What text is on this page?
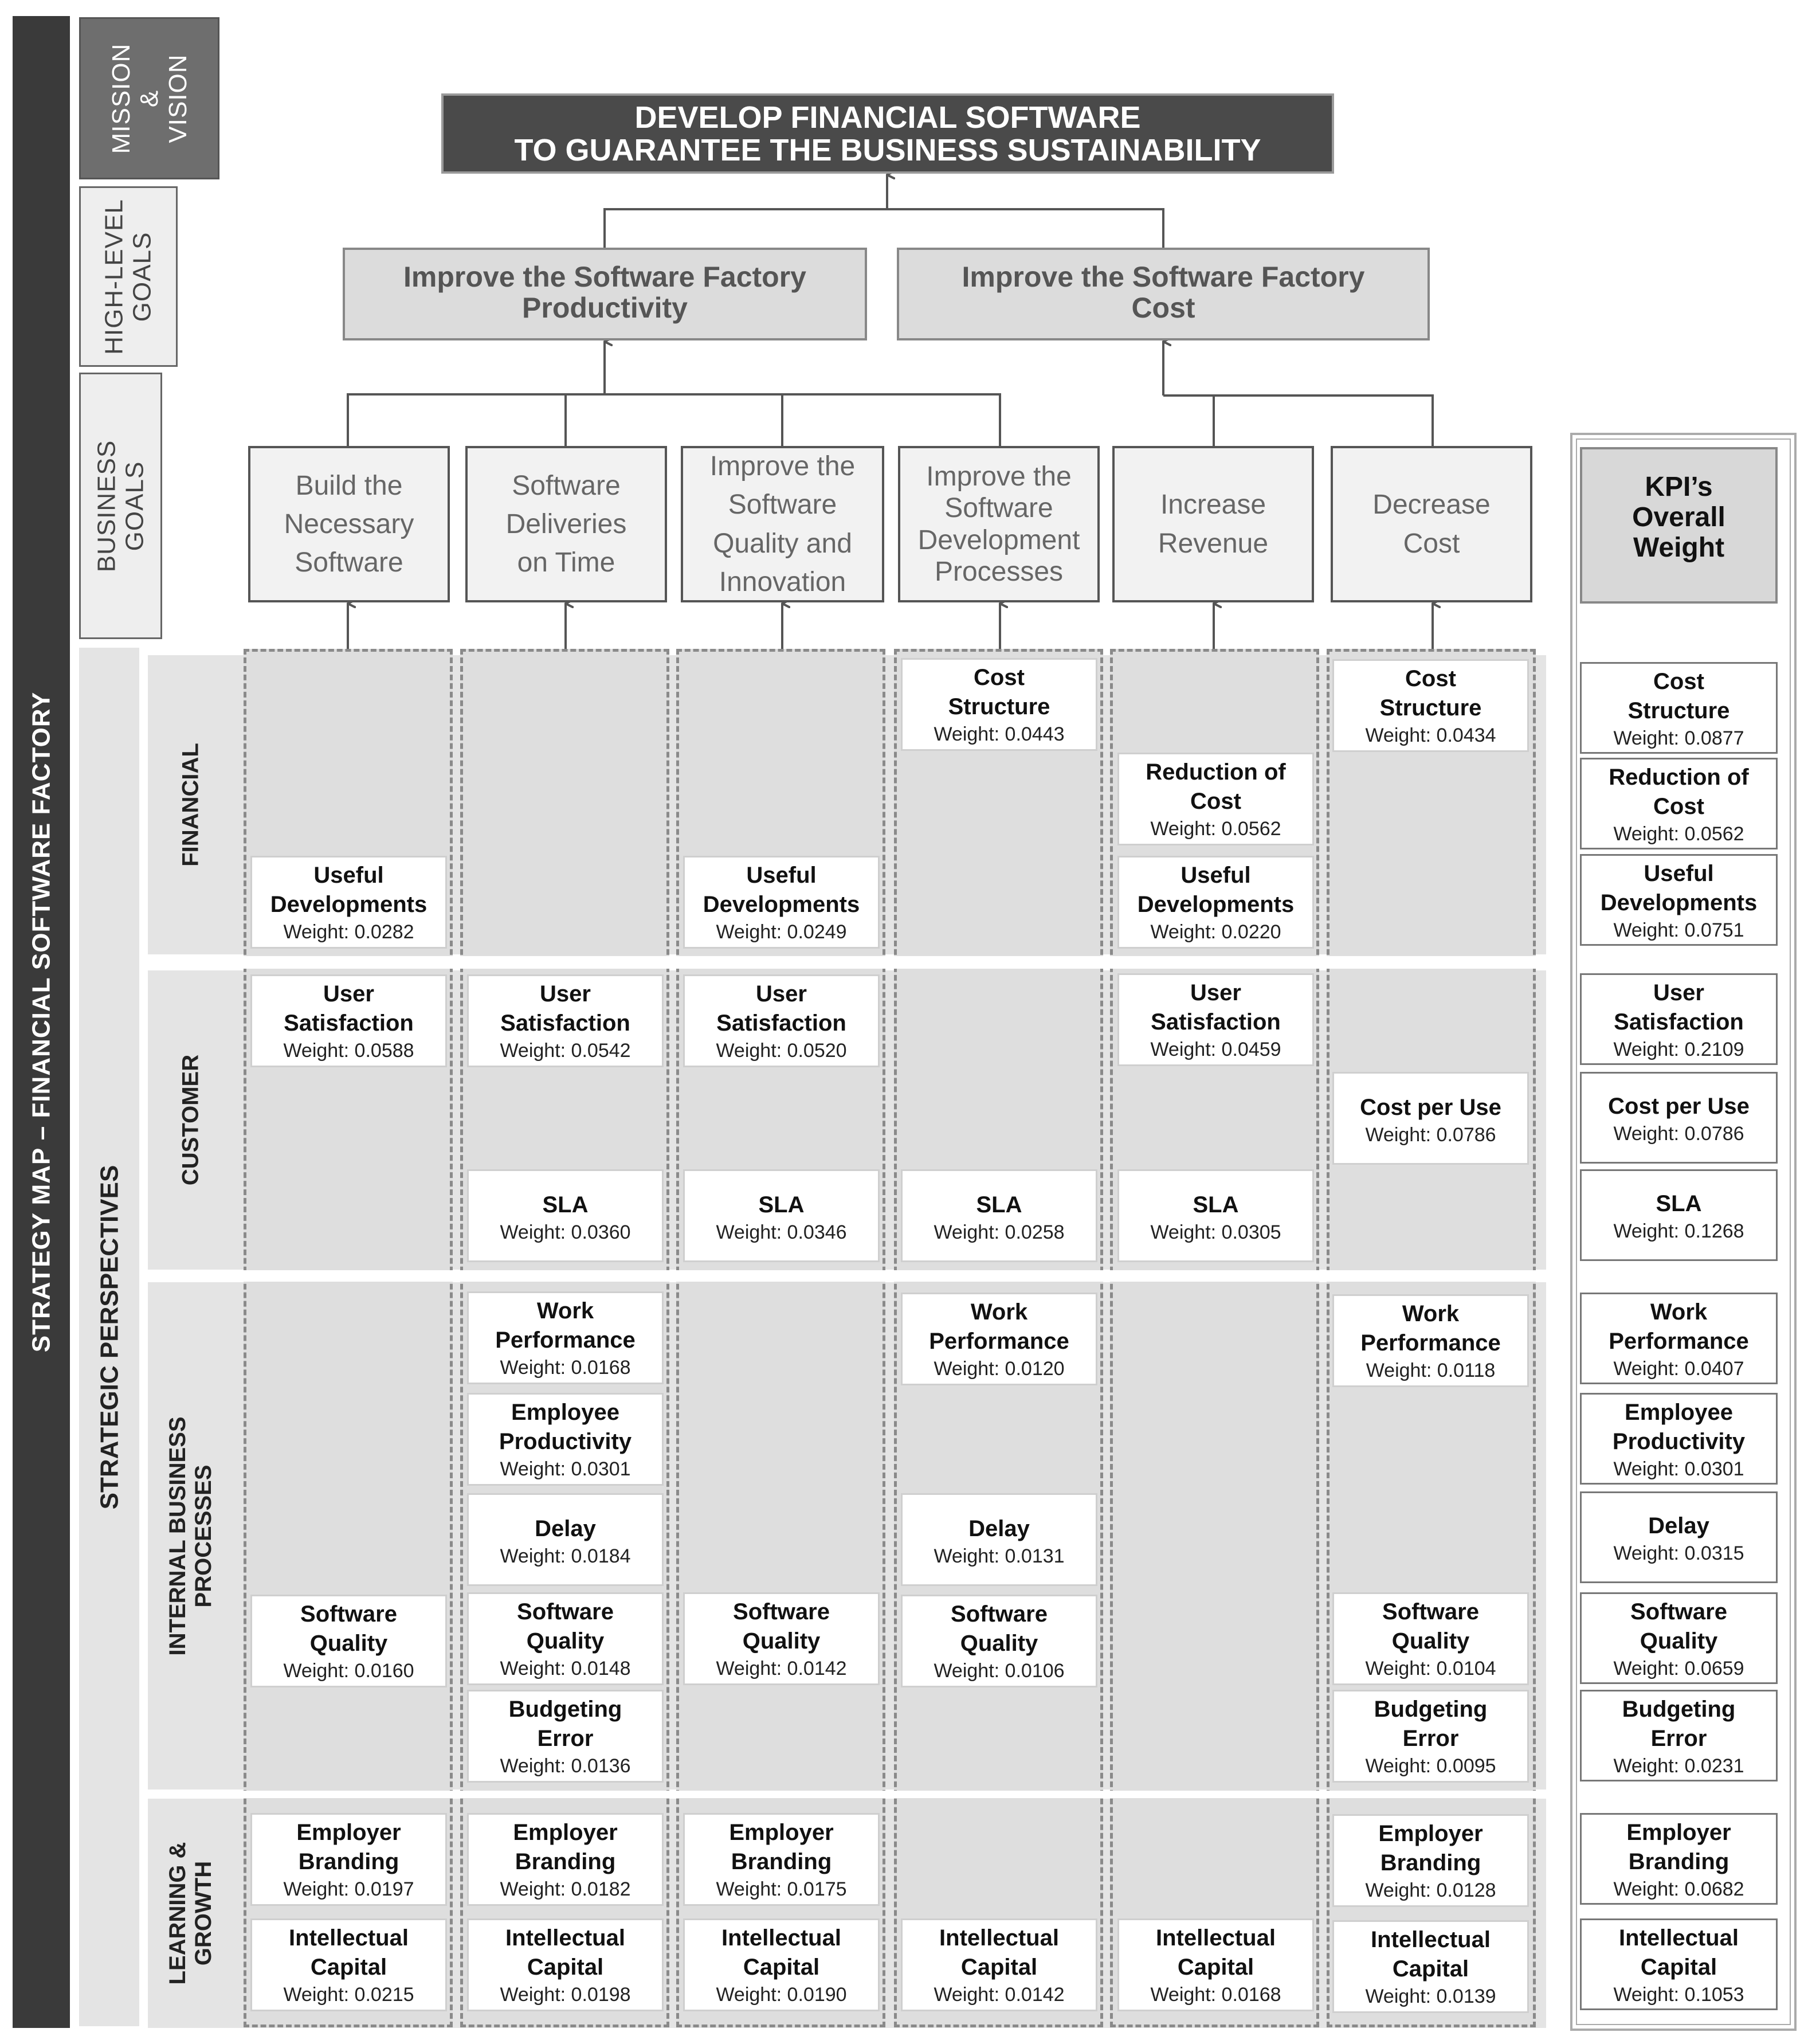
STRATEGY MAP – FINANCIAL SOFTWARE FACTORY
MISSION
&
VISION
HIGH-LEVEL
GOALS
BUSINESS
GOALS
STRATEGIC PERSPECTIVES
FINANCIAL
CUSTOMER
INTERNAL BUSINESS
PROCESSES
LEARNING &
GROWTH
DEVELOP FINANCIAL SOFTWARE
TO GUARANTEE THE BUSINESS SUSTAINABILITY
Improve the Software Factory
Productivity
Improve the Software Factory
Cost
Build the
Necessary
Software
Software
Deliveries
on Time
Improve the
Software
Quality and
Innovation
Improve the
Software
Development
Processes
Increase
Revenue
Decrease
Cost
Useful
Developments
Weight: 0.0282
User
Satisfaction
Weight: 0.0588
Software
Quality
Weight: 0.0160
Employer
Branding
Weight: 0.0197
Intellectual
Capital
Weight: 0.0215
User
Satisfaction
Weight: 0.0542
SLA
Weight: 0.0360
Work
Performance
Weight: 0.0168
Employee
Productivity
Weight: 0.0301
Delay
Weight: 0.0184
Software
Quality
Weight: 0.0148
Budgeting
Error
Weight: 0.0136
Employer
Branding
Weight: 0.0182
Intellectual
Capital
Weight: 0.0198
Useful
Developments
Weight: 0.0249
User
Satisfaction
Weight: 0.0520
SLA
Weight: 0.0346
Software
Quality
Weight: 0.0142
Employer
Branding
Weight: 0.0175
Intellectual
Capital
Weight: 0.0190
Cost
Structure
Weight: 0.0443
SLA
Weight: 0.0258
Work
Performance
Weight: 0.0120
Delay
Weight: 0.0131
Software
Quality
Weight: 0.0106
Intellectual
Capital
Weight: 0.0142
Reduction of
Cost
Weight: 0.0562
Useful
Developments
Weight: 0.0220
User
Satisfaction
Weight: 0.0459
SLA
Weight: 0.0305
Intellectual
Capital
Weight: 0.0168
Cost
Structure
Weight: 0.0434
Cost per Use
Weight: 0.0786
Work
Performance
Weight: 0.0118
Software
Quality
Weight: 0.0104
Budgeting
Error
Weight: 0.0095
Employer
Branding
Weight: 0.0128
Intellectual
Capital
Weight: 0.0139
KPI’s
Overall
Weight
Cost
Structure
Weight: 0.0877
Reduction of
Cost
Weight: 0.0562
Useful
Developments
Weight: 0.0751
User
Satisfaction
Weight: 0.2109
Cost per Use
Weight: 0.0786
SLA
Weight: 0.1268
Work
Performance
Weight: 0.0407
Employee
Productivity
Weight: 0.0301
Delay
Weight: 0.0315
Software
Quality
Weight: 0.0659
Budgeting
Error
Weight: 0.0231
Employer
Branding
Weight: 0.0682
Intellectual
Capital
Weight: 0.1053
